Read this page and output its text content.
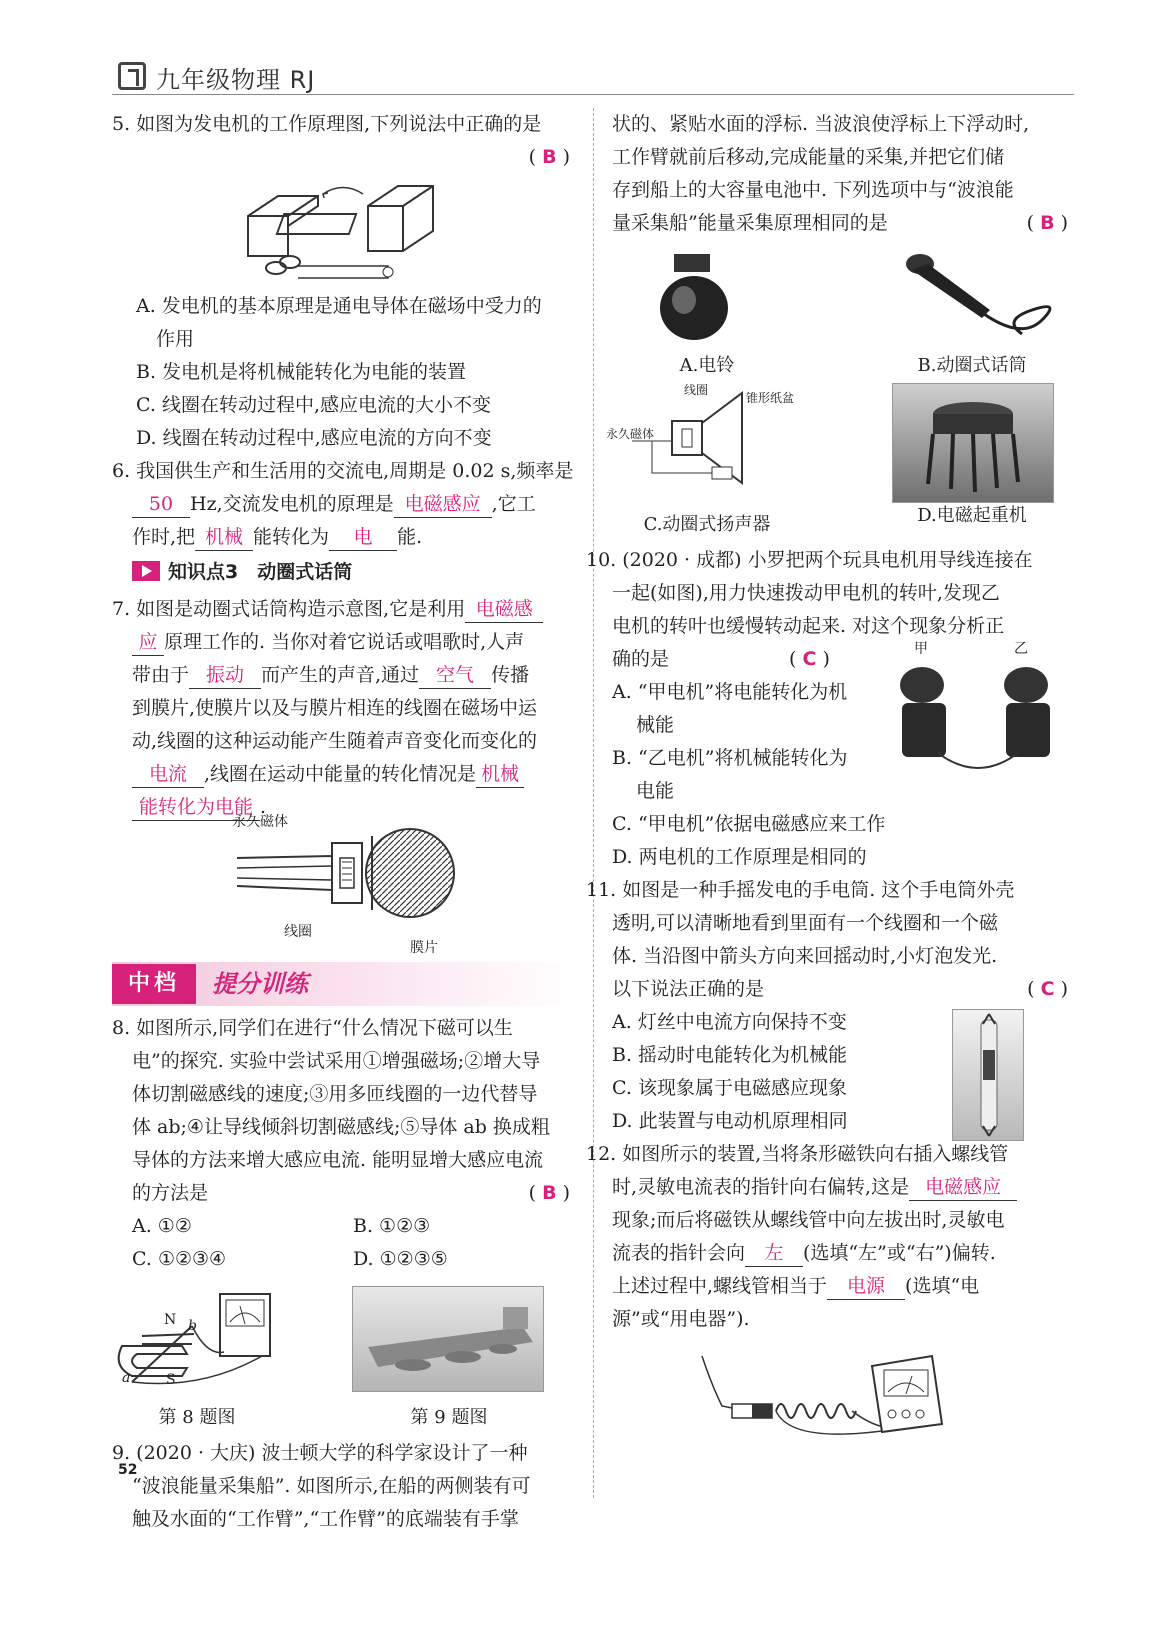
九年级物理 RJ

5. 如图为发电机的工作原理图,下列说法中正确的是

( B )

A. 发电机的基本原理是通电导体在磁场中受力的

作用

B. 发电机是将机械能转化为电能的装置

C. 线圈在转动过程中,感应电流的大小不变

D. 线圈在转动过程中,感应电流的方向不变

6. 我国供生产和生活用的交流电,周期是 0.02 s,频率是

50 Hz,交流发电机的原理是 电磁感应 ,它工

作时,把 机械 能转化为 电 能.

知识点3　动圈式话筒

7. 如图是动圈式话筒构造示意图,它是利用 电磁感

应 原理工作的. 当你对着它说话或唱歌时,人声

带由于 振动 而产生的声音,通过 空气 传播

到膜片,使膜片以及与膜片相连的线圈在磁场中运

动,线圈的这种运动能产生随着声音变化而变化的

电流 ,线圈在运动中能量的转化情况是 机械

能转化为电能 .

永久磁体
线圈
膜片
中档	提分训练

8. 如图所示,同学们在进行“什么情况下磁可以生

电”的探究. 实验中尝试采用①增强磁场;②增大导

体切割磁感线的速度;③用多匝线圈的一边代替导

体 ab;④让导线倾斜切割磁感线;⑤导体 ab 换成粗

导体的方法来增大感应电流. 能明显增大感应电流

的方法是	( B )

A. ①②	B. ①②③
C. ①②③④	D. ①②③⑤
N b
S
a
第 8 题图	第 9 题图

9. (2020 · 大庆) 波士顿大学的科学家设计了一种

“波浪能量采集船”. 如图所示,在船的两侧装有可

触及水面的“工作臂”,“工作臂”的底端装有手掌

状的、紧贴水面的浮标. 当波浪使浮标上下浮动时,

工作臂就前后移动,完成能量的采集,并把它们储

存到船上的大容量电池中. 下列选项中与“波浪能

量采集船”能量采集原理相同的是	( B )

A.电铃	B.动圈式话筒
线圈
锥形纸盆
永久磁体
C.动圈式扬声器	D.电磁起重机

10. (2020 · 成都) 小罗把两个玩具电机用导线连接在

一起(如图),用力快速拨动甲电机的转叶,发现乙

电机的转叶也缓慢转动起来. 对这个现象分析正

甲	乙

确的是	( C )

A. “甲电机”将电能转化为机

械能

B. “乙电机”将机械能转化为

电能

C. “甲电机”依据电磁感应来工作

D. 两电机的工作原理是相同的

11. 如图是一种手摇发电的手电筒. 这个手电筒外壳

透明,可以清晰地看到里面有一个线圈和一个磁

体. 当沿图中箭头方向来回摇动时,小灯泡发光.

以下说法正确的是	( C )

A. 灯丝中电流方向保持不变

B. 摇动时电能转化为机械能

C. 该现象属于电磁感应现象

D. 此装置与电动机原理相同

12. 如图所示的装置,当将条形磁铁向右插入螺线管

时,灵敏电流表的指针向右偏转,这是 电磁感应

现象;而后将磁铁从螺线管中向左拔出时,灵敏电

流表的指针会向 左 (选填“左”或“右”)偏转.

上述过程中,螺线管相当于 电源 (选填“电

源”或“用电器”).

52
